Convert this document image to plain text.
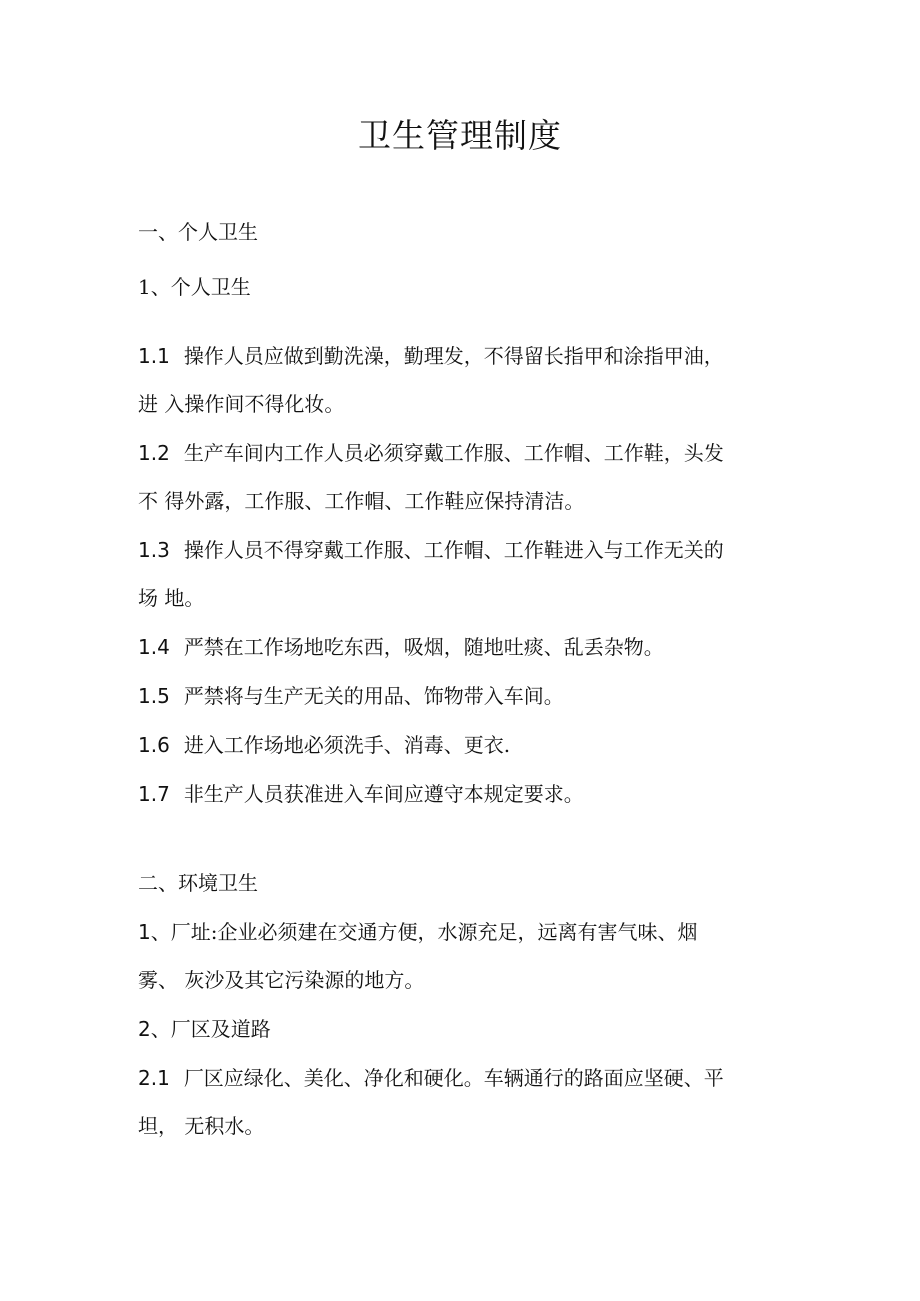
卫生管理制度
一、个人卫生
1、个人卫生
1.1 操作人员应做到勤洗澡，勤理发，不得留长指甲和涂指甲油，
进 入操作间不得化妆。
1.2 生产车间内工作人员必须穿戴工作服、工作帽、工作鞋，头发
不 得外露，工作服、工作帽、工作鞋应保持清洁。
1.3 操作人员不得穿戴工作服、工作帽、工作鞋进入与工作无关的
场 地。
1.4 严禁在工作场地吃东西，吸烟，随地吐痰、乱丢杂物。
1.5 严禁将与生产无关的用品、饰物带入车间。
1.6 进入工作场地必须洗手、消毒、更衣.
1.7 非生产人员获准进入车间应遵守本规定要求。
二、环境卫生
1、厂址:企业必须建在交通方便，水源充足，远离有害气味、烟
雾、 灰沙及其它污染源的地方。
2、厂区及道路
2.1 厂区应绿化、美化、净化和硬化。车辆通行的路面应坚硬、平
坦， 无积水。
